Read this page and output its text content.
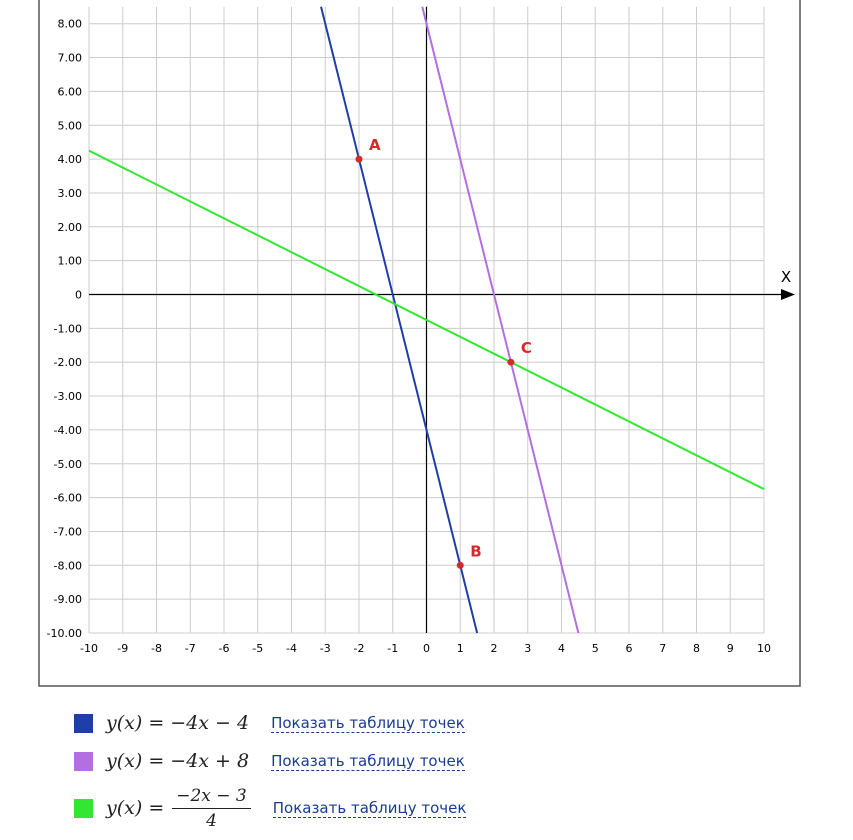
X
-10 -9 -8 -7 -6 -5 -4 -3 -2 -1 0 1 2 3 4 5 6 7 8 9 10
8.00
7.00
6.00
5.00
4.00
3.00
2.00
1.00
0
-1.00
-2.00
-3.00
-4.00
-5.00
-6.00
-7.00
-8.00
-9.00
-10.00
A
B
C
y(x) = −4x − 4 Показать таблицу точек
y(x) = −4x + 8 Показать таблицу точек
$y(x) = \frac{-2x - 3}{4}$ Показать таблицу точек
